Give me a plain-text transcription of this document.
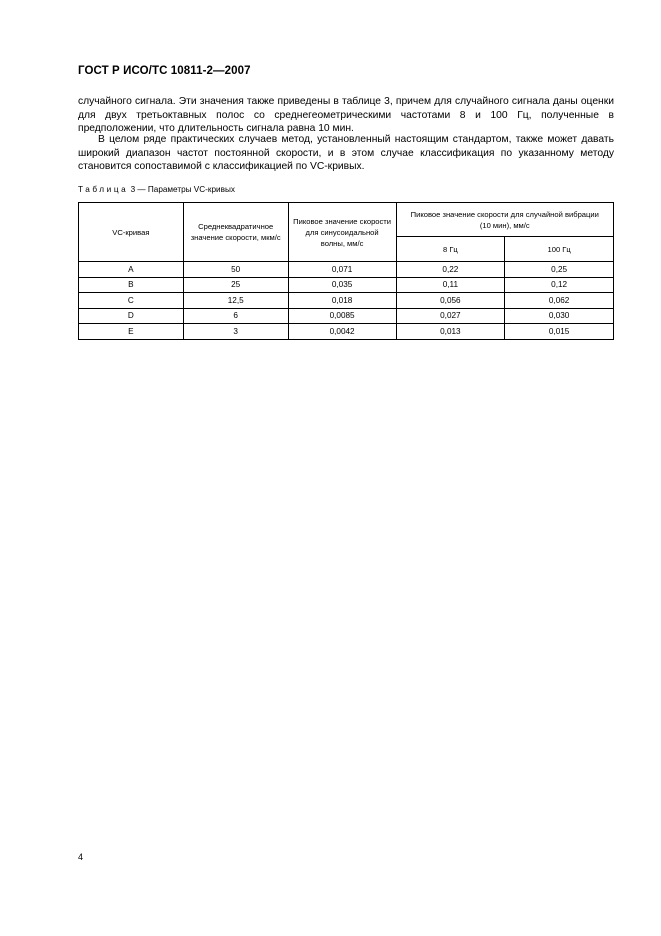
ГОСТ Р ИСО/ТС 10811-2—2007
случайного сигнала. Эти значения также приведены в таблице 3, причем для случайного сигнала даны оценки для двух третьоктавных полос со среднегеометрическими частотами 8 и 100 Гц, полученные в предположении, что длительность сигнала равна 10 мин.
В целом ряде практических случаев метод, установленный настоящим стандартом, также может давать широкий диапазон частот постоянной скорости, и в этом случае классификация по указанному методу становится сопоставимой с классификацией по VC-кривых.
Таблица 3 — Параметры VC-кривых
VC-кривая	Среднеквадратичное значение скорости, мкм/с	Пиковое значение скорости для синусоидальной волны, мм/с	Пиковое значение скорости для случайной вибрации (10 мин), мм/с	
			8 Гц	100 Гц
A	50	0,071	0,22	0,25
B	25	0,035	0,11	0,12
C	12,5	0,018	0,056	0,062
D	6	0,0085	0,027	0,030
E	3	0,0042	0,013	0,015
4
